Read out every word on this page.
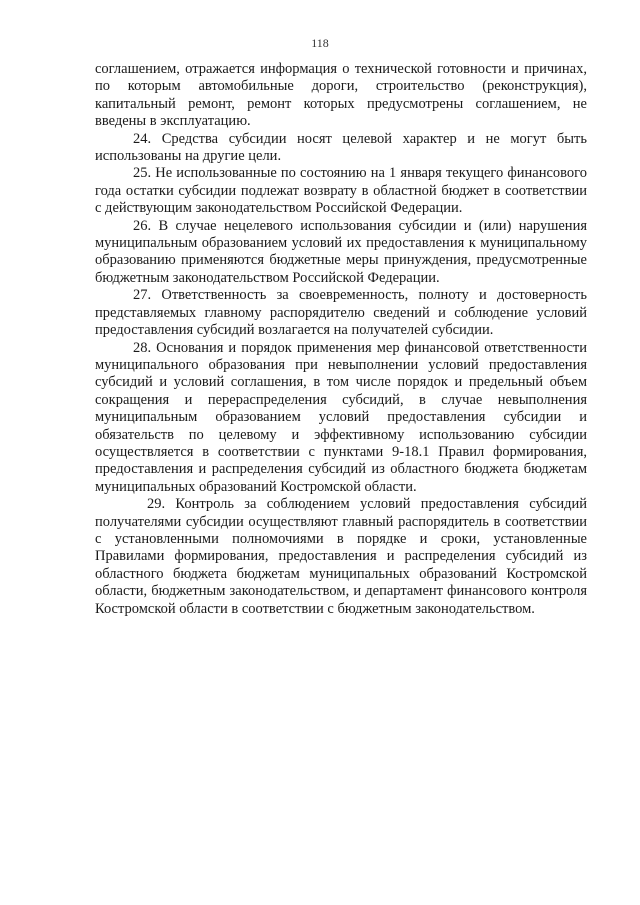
118

соглашением, отражается информация о технической готовности и причинах, по которым автомобильные дороги, строительство (реконструкция), капитальный ремонт, ремонт которых предусмотрены соглашением, не введены в эксплуатацию.

24. Средства субсидии носят целевой характер и не могут быть использованы на другие цели.

25. Не использованные по состоянию на 1 января текущего финансового года остатки субсидии подлежат возврату в областной бюджет в соответствии с действующим законодательством Российской Федерации.

26. В случае нецелевого использования субсидии и (или) нарушения муниципальным образованием условий их предоставления к муниципальному образованию применяются бюджетные меры принуждения, предусмотренные бюджетным законодательством Российской Федерации.

27. Ответственность за своевременность, полноту и достоверность представляемых главному распорядителю сведений и соблюдение условий предоставления субсидий возлагается на получателей субсидии.

28. Основания и порядок применения мер финансовой ответственности муниципального образования при невыполнении условий предоставления субсидий и условий соглашения, в том числе порядок и предельный объем сокращения и перераспределения субсидий, в случае невыполнения муниципальным образованием условий предоставления субсидии и обязательств по целевому и эффективному использованию субсидии осуществляется в соответствии с пунктами 9-18.1 Правил формирования, предоставления и распределения субсидий из областного бюджета бюджетам муниципальных образований Костромской области.

29. Контроль за соблюдением условий предоставления субсидий получателями субсидии осуществляют главный распорядитель в соответствии с установленными полномочиями в порядке и сроки, установленные Правилами формирования, предоставления и распределения субсидий из областного бюджета бюджетам муниципальных образований Костромской области, бюджетным законодательством, и департамент финансового контроля Костромской области в соответствии с бюджетным законодательством.
